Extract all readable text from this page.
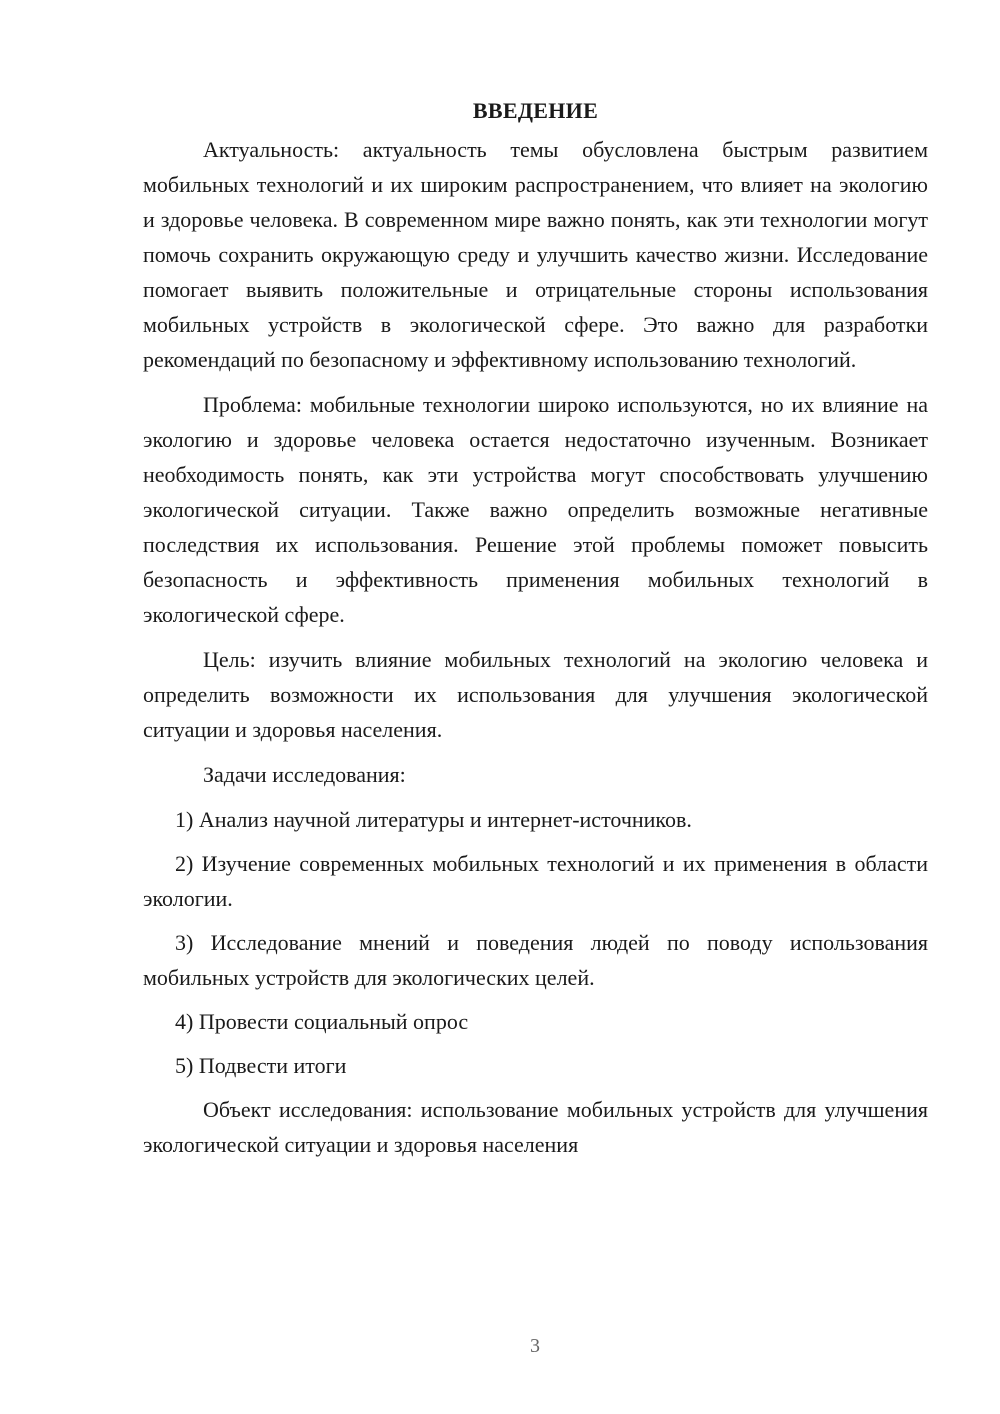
ВВЕДЕНИЕ

Актуальность: актуальность темы обусловлена быстрым развитием мобильных технологий и их широким распространением, что влияет на экологию и здоровье человека. В современном мире важно понять, как эти технологии могут помочь сохранить окружающую среду и улучшить качество жизни. Исследование помогает выявить положительные и отрицательные стороны использования мобильных устройств в экологической сфере. Это важно для разработки рекомендаций по безопасному и эффективному использованию технологий.

Проблема: мобильные технологии широко используются, но их влияние на экологию и здоровье человека остается недостаточно изученным. Возникает необходимость понять, как эти устройства могут способствовать улучшению экологической ситуации. Также важно определить возможные негативные последствия их использования. Решение этой проблемы поможет повысить безопасность и эффективность применения мобильных технологий в экологической сфере.

Цель: изучить влияние мобильных технологий на экологию человека и определить возможности их использования для улучшения экологической ситуации и здоровья населения.

Задачи исследования:

1) Анализ научной литературы и интернет-источников.

2) Изучение современных мобильных технологий и их применения в области экологии.

3) Исследование мнений и поведения людей по поводу использования мобильных устройств для экологических целей.

4) Провести социальный опрос

5) Подвести итоги

Объект исследования: использование мобильных устройств для улучшения экологической ситуации и здоровья населения

3
